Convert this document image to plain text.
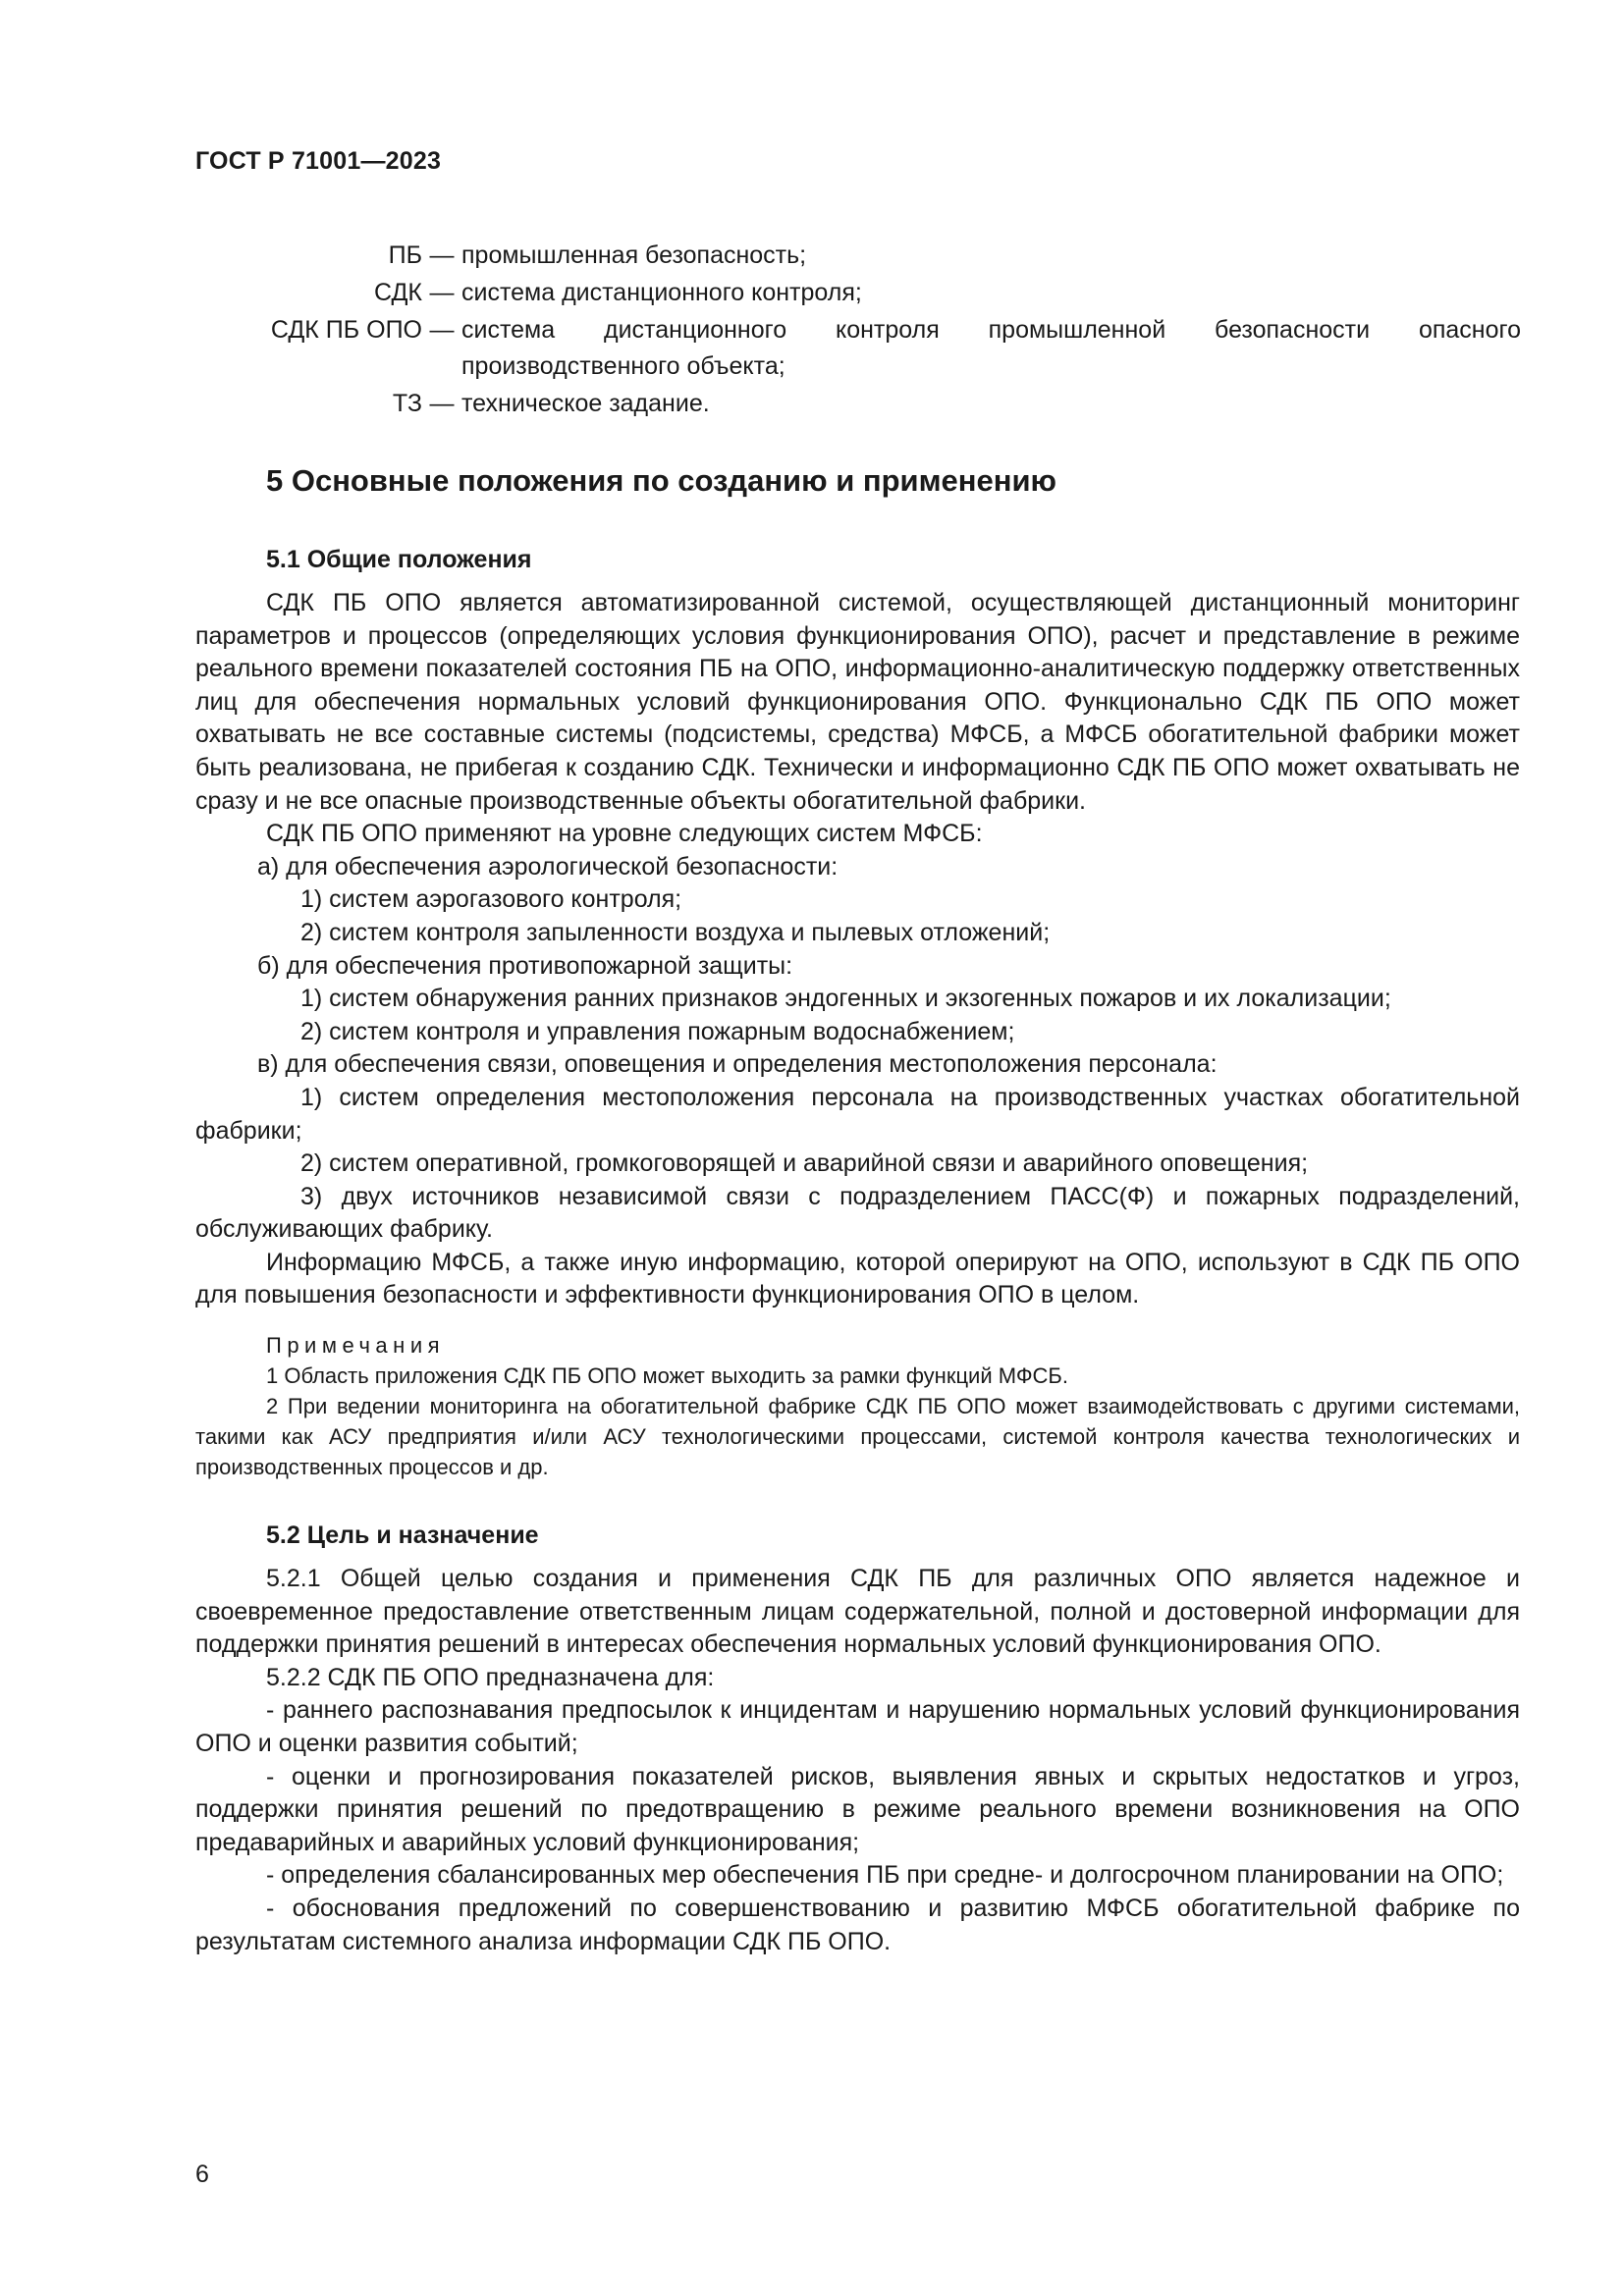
ГОСТ Р 71001—2023
ПБ — промышленная безопасность;
СДК — система дистанционного контроля;
СДК ПБ ОПО — система дистанционного контроля промышленной безопасности опасного производственного объекта;
ТЗ — техническое задание.
5 Основные положения по созданию и применению
5.1 Общие положения

СДК ПБ ОПО является автоматизированной системой, осуществляющей дистанционный мониторинг параметров и процессов (определяющих условия функционирования ОПО), расчет и представление в режиме реального времени показателей состояния ПБ на ОПО, информационно-аналитическую поддержку ответственных лиц для обеспечения нормальных условий функционирования ОПО. Функционально СДК ПБ ОПО может охватывать не все составные системы (подсистемы, средства) МФСБ, а МФСБ обогатительной фабрики может быть реализована, не прибегая к созданию СДК. Технически и информационно СДК ПБ ОПО может охватывать не сразу и не все опасные производственные объекты обогатительной фабрики.

СДК ПБ ОПО применяют на уровне следующих систем МФСБ:

а) для обеспечения аэрологической безопасности:

1) систем аэрогазового контроля;

2) систем контроля запыленности воздуха и пылевых отложений;

б) для обеспечения противопожарной защиты:

1) систем обнаружения ранних признаков эндогенных и экзогенных пожаров и их локализации;

2) систем контроля и управления пожарным водоснабжением;

в) для обеспечения связи, оповещения и определения местоположения персонала:

1) систем определения местоположения персонала на производственных участках обогатительной фабрики;

2) систем оперативной, громкоговорящей и аварийной связи и аварийного оповещения;

3) двух источников независимой связи с подразделением ПАСС(Ф) и пожарных подразделений, обслуживающих фабрику.

Информацию МФСБ, а также иную информацию, которой оперируют на ОПО, используют в СДК ПБ ОПО для повышения безопасности и эффективности функционирования ОПО в целом.

Примечания

1 Область приложения СДК ПБ ОПО может выходить за рамки функций МФСБ.

2 При ведении мониторинга на обогатительной фабрике СДК ПБ ОПО может взаимодействовать с другими системами, такими как АСУ предприятия и/или АСУ технологическими процессами, системой контроля качества технологических и производственных процессов и др.

5.2 Цель и назначение

5.2.1 Общей целью создания и применения СДК ПБ для различных ОПО является надежное и своевременное предоставление ответственным лицам содержательной, полной и достоверной информации для поддержки принятия решений в интересах обеспечения нормальных условий функционирования ОПО.

5.2.2 СДК ПБ ОПО предназначена для:

- раннего распознавания предпосылок к инцидентам и нарушению нормальных условий функционирования ОПО и оценки развития событий;

- оценки и прогнозирования показателей рисков, выявления явных и скрытых недостатков и угроз, поддержки принятия решений по предотвращению в режиме реального времени возникновения на ОПО предаварийных и аварийных условий функционирования;

- определения сбалансированных мер обеспечения ПБ при средне- и долгосрочном планировании на ОПО;

- обоснования предложений по совершенствованию и развитию МФСБ обогатительной фабрике по результатам системного анализа информации СДК ПБ ОПО.

6
